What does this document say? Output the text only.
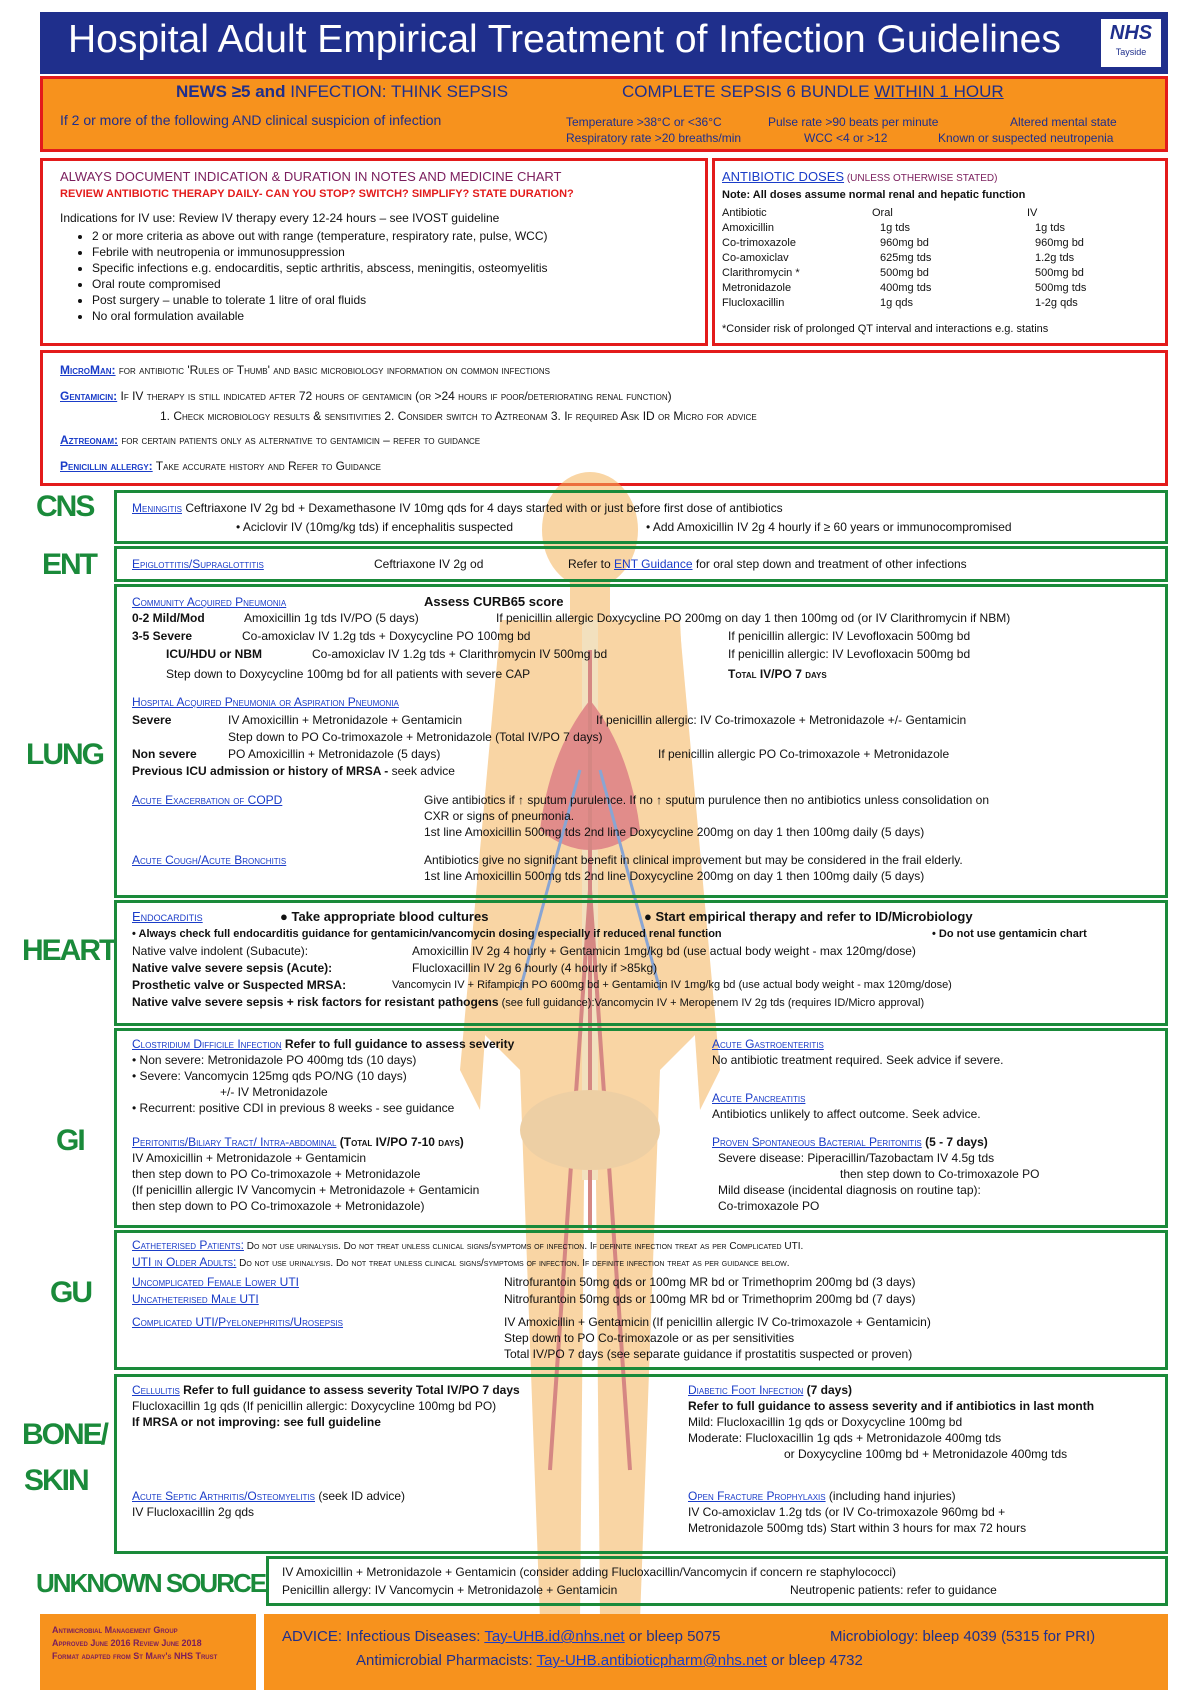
Hospital Adult Empirical Treatment of Infection Guidelines	NHS
Tayside
NEWS ≥5 and INFECTION: THINK SEPSIS	COMPLETE SEPSIS 6 BUNDLE WITHIN 1 HOUR
If 2 or more of the following AND clinical suspicion of infection	Temperature >38°C or <36°C	Pulse rate >90 beats per minute	Altered mental state
Respiratory rate >20 breaths/min	WCC <4 or >12	Known or suspected neutropenia
ALWAYS DOCUMENT INDICATION & DURATION IN NOTES AND MEDICINE CHART
REVIEW ANTIBIOTIC THERAPY DAILY- CAN YOU STOP? SWITCH? SIMPLIFY? STATE DURATION?
Indications for IV use: Review IV therapy every 12-24 hours – see IVOST guideline
• 2 or more criteria as above out with range (temperature, respiratory rate, pulse, WCC)
• Febrile with neutropenia or immunosuppression
• Specific infections e.g. endocarditis, septic arthritis, abscess, meningitis, osteomyelitis
• Oral route compromised
• Post surgery – unable to tolerate 1 litre of oral fluids
• No oral formulation available
ANTIBIOTIC DOSES (UNLESS OTHERWISE STATED)
Note: All doses assume normal renal and hepatic function
Antibiotic	Oral	IV
Amoxicillin	1g tds	1g tds
Co-trimoxazole	960mg bd	960mg bd
Co-amoxiclav	625mg tds	1.2g tds
Clarithromycin *	500mg bd	500mg bd
Metronidazole	400mg tds	500mg tds
Flucloxacillin	1g qds	1-2g qds
*Consider risk of prolonged QT interval and interactions e.g. statins
MicroMan: for antibiotic 'Rules of Thumb' and basic microbiology information on common infections
Gentamicin: If IV therapy is still indicated after 72 hours of gentamicin (or >24 hours if poor/deteriorating renal function)
1. Check microbiology results & sensitivities 2. Consider switch to Aztreonam 3. If required Ask ID or Micro for advice
Aztreonam: for certain patients only as alternative to gentamicin – refer to guidance
Penicillin allergy: Take accurate history and Refer to Guidance
CNS
ENT
LUNG
HEART
GI
GU
BONE/
SKIN
UNKNOWN SOURCE
Meningitis Ceftriaxone IV 2g bd + Dexamethasone IV 10mg qds for 4 days started with or just before first dose of antibiotics
• Aciclovir IV (10mg/kg tds) if encephalitis suspected	• Add Amoxicillin IV 2g 4 hourly if ≥ 60 years or immunocompromised
Epiglottitis/Supraglottitis	Ceftriaxone IV 2g od	Refer to ENT Guidance for oral step down and treatment of other infections
Community Acquired Pneumonia	Assess CURB65 score
0-2 Mild/Mod	Amoxicillin 1g tds IV/PO (5 days)	If penicillin allergic Doxycycline PO 200mg on day 1 then 100mg od (or IV Clarithromycin if NBM)
3-5 Severe	Co-amoxiclav IV 1.2g tds + Doxycycline PO 100mg bd	If penicillin allergic: IV Levofloxacin 500mg bd
ICU/HDU or NBM	Co-amoxiclav IV 1.2g tds + Clarithromycin IV 500mg bd	If penicillin allergic: IV Levofloxacin 500mg bd
Step down to Doxycycline 100mg bd for all patients with severe CAP	Total IV/PO 7 days
Hospital Acquired Pneumonia or Aspiration Pneumonia
Severe	IV Amoxicillin + Metronidazole + Gentamicin	If penicillin allergic: IV Co-trimoxazole + Metronidazole +/- Gentamicin
Step down to PO Co-trimoxazole + Metronidazole (Total IV/PO 7 days)
Non severe	PO Amoxicillin + Metronidazole (5 days)	If penicillin allergic PO Co-trimoxazole + Metronidazole
Previous ICU admission or history of MRSA - seek advice
Acute Exacerbation of COPD	Give antibiotics if ↑ sputum purulence. If no ↑ sputum purulence then no antibiotics unless consolidation on
CXR or signs of pneumonia.
1st line Amoxicillin 500mg tds 2nd line Doxycycline 200mg on day 1 then 100mg daily (5 days)
Acute Cough/Acute Bronchitis	Antibiotics give no significant benefit in clinical improvement but may be considered in the frail elderly.
1st line Amoxicillin 500mg tds 2nd line Doxycycline 200mg on day 1 then 100mg daily (5 days)
Endocarditis	● Take appropriate blood cultures	● Start empirical therapy and refer to ID/Microbiology
• Always check full endocarditis guidance for gentamicin/vancomycin dosing especially if reduced renal function	• Do not use gentamicin chart
Native valve indolent (Subacute):	Amoxicillin IV 2g 4 hourly + Gentamicin 1mg/kg bd (use actual body weight - max 120mg/dose)
Native valve severe sepsis (Acute):	Flucloxacillin IV 2g 6 hourly (4 hourly if >85kg)
Prosthetic valve or Suspected MRSA:	Vancomycin IV + Rifampicin PO 600mg bd + Gentamicin IV 1mg/kg bd (use actual body weight - max 120mg/dose)
Native valve severe sepsis + risk factors for resistant pathogens (see full guidance):Vancomycin IV + Meropenem IV 2g tds (requires ID/Micro approval)
Clostridium Difficile Infection Refer to full guidance to assess severity
• Non severe: Metronidazole PO 400mg tds (10 days)
• Severe: Vancomycin 125mg qds PO/NG (10 days)
+/- IV Metronidazole
• Recurrent: positive CDI in previous 8 weeks - see guidance
Acute Gastroenteritis
No antibiotic treatment required. Seek advice if severe.
Acute Pancreatitis
Antibiotics unlikely to affect outcome. Seek advice.
Peritonitis/Biliary Tract/ Intra-abdominal (Total IV/PO 7-10 days)
IV Amoxicillin + Metronidazole + Gentamicin
then step down to PO Co-trimoxazole + Metronidazole
(If penicillin allergic IV Vancomycin + Metronidazole + Gentamicin
then step down to PO Co-trimoxazole + Metronidazole)
Proven Spontaneous Bacterial Peritonitis (5 - 7 days)
Severe disease: Piperacillin/Tazobactam IV 4.5g tds
then step down to Co-trimoxazole PO
Mild disease (incidental diagnosis on routine tap):
Co-trimoxazole PO
Catheterised Patients: Do not use urinalysis. Do not treat unless clinical signs/symptoms of infection. If definite infection treat as per Complicated UTI.
UTI in Older Adults: Do not use urinalysis. Do not treat unless clinical signs/symptoms of infection. If definite infection treat as per guidance below.
Uncomplicated Female Lower UTI	Nitrofurantoin 50mg qds or 100mg MR bd or Trimethoprim 200mg bd (3 days)
Uncatheterised Male UTI	Nitrofurantoin 50mg qds or 100mg MR bd or Trimethoprim 200mg bd (7 days)
Complicated UTI/Pyelonephritis/Urosepsis	IV Amoxicillin + Gentamicin (If penicillin allergic IV Co-trimoxazole + Gentamicin)
Step down to PO Co-trimoxazole or as per sensitivities
Total IV/PO 7 days (see separate guidance if prostatitis suspected or proven)
Cellulitis Refer to full guidance to assess severity Total IV/PO 7 days
Flucloxacillin 1g qds (If penicillin allergic: Doxycycline 100mg bd PO)
If MRSA or not improving: see full guideline
Diabetic Foot Infection (7 days)
Refer to full guidance to assess severity and if antibiotics in last month
Mild: Flucloxacillin 1g qds or Doxycycline 100mg bd
Moderate: Flucloxacillin 1g qds + Metronidazole 400mg tds
or Doxycycline 100mg bd + Metronidazole 400mg tds
Acute Septic Arthritis/Osteomyelitis (seek ID advice)
IV Flucloxacillin 2g qds
Open Fracture Prophylaxis (including hand injuries)
IV Co-amoxiclav 1.2g tds (or IV Co-trimoxazole 960mg bd +
Metronidazole 500mg tds) Start within 3 hours for max 72 hours
IV Amoxicillin + Metronidazole + Gentamicin (consider adding Flucloxacillin/Vancomycin if concern re staphylococci)
Penicillin allergy: IV Vancomycin + Metronidazole + Gentamicin	Neutropenic patients: refer to guidance
Antimicrobial Management Group
Approved June 2016 Review June 2018
Format adapted from St Mary's NHS Trust
ADVICE: Infectious Diseases: Tay-UHB.id@nhs.net or bleep 5075	Microbiology: bleep 4039 (5315 for PRI)
Antimicrobial Pharmacists: Tay-UHB.antibioticpharm@nhs.net or bleep 4732
